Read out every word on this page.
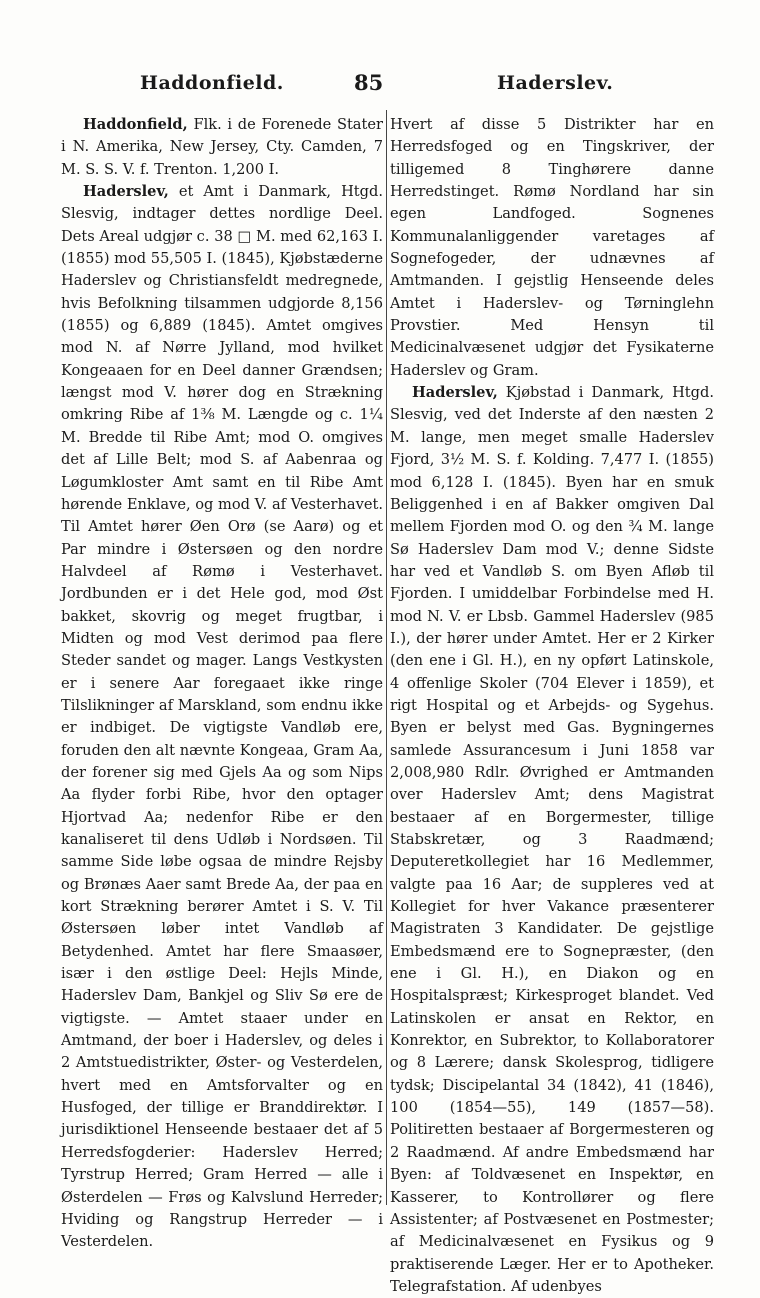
Haddonfield.	85	Haderslev.

Haddonfield, Flk. i de Forenede Stater i N. Amerika, New Jersey, Cty. Camden, 7 M. S. S. V. f. Trenton. 1,200 I.

Haderslev, et Amt i Danmark, Htgd. Slesvig, indtager dettes nordlige Deel. Dets Areal udgjør c. 38 □ M. med 62,163 I. (1855) mod 55,505 I. (1845), Kjøbstæderne Haderslev og Christiansfeldt medregnede, hvis Befolkning tilsammen udgjorde 8,156 (1855) og 6,889 (1845). Amtet omgives mod N. af Nørre Jylland, mod hvilket Kongeaaen for en Deel danner Grændsen; længst mod V. hører dog en Strækning omkring Ribe af 1⅜ M. Længde og c. 1¼ M. Bredde til Ribe Amt; mod O. omgives det af Lille Belt; mod S. af Aabenraa og Løgumkloster Amt samt en til Ribe Amt hørende Enklave, og mod V. af Vesterhavet. Til Amtet hører Øen Orø (se Aarø) og et Par mindre i Østersøen og den nordre Halvdeel af Rømø i Vesterhavet. Jordbunden er i det Hele god, mod Øst bakket, skovrig og meget frugtbar, i Midten og mod Vest derimod paa flere Steder sandet og mager. Langs Vestkysten er i senere Aar foregaaet ikke ringe Tilslikninger af Marskland, som endnu ikke er indbiget. De vigtigste Vandløb ere, foruden den alt nævnte Kongeaa, Gram Aa, der forener sig med Gjels Aa og som Nips Aa flyder forbi Ribe, hvor den optager Hjortvad Aa; nedenfor Ribe er den kanaliseret til dens Udløb i Nordsøen. Til samme Side løbe ogsaa de mindre Rejsby og Brønæs Aaer samt Brede Aa, der paa en kort Strækning berører Amtet i S. V. Til Østersøen løber intet Vandløb af Betydenhed. Amtet har flere Smaasøer, især i den østlige Deel: Hejls Minde, Haderslev Dam, Bankjel og Sliv Sø ere de vigtigste. — Amtet staaer under en Amtmand, der boer i Haderslev, og deles i 2 Amtstuedistrikter, Øster- og Vesterdelen, hvert med en Amtsforvalter og en Husfoged, der tillige er Branddirektør. I jurisdiktionel Henseende bestaaer det af 5 Herredsfogderier: Haderslev Herred; Tyrstrup Herred; Gram Herred — alle i Østerdelen — Frøs og Kalvslund Herreder; Hviding og Rangstrup Herreder — i Vesterdelen.

Hvert af disse 5 Distrikter har en Herredsfoged og en Tingskriver, der tilligemed 8 Tinghørere danne Herredstinget. Rømø Nordland har sin egen Landfoged. Sognenes Kommunalanliggender varetages af Sognefogeder, der udnævnes af Amtmanden. I gejstlig Henseende deles Amtet i Haderslev- og Tørninglehn Provstier. Med Hensyn til Medicinalvæsenet udgjør det Fysikaterne Haderslev og Gram.

Haderslev, Kjøbstad i Danmark, Htgd. Slesvig, ved det Inderste af den næsten 2 M. lange, men meget smalle Haderslev Fjord, 3½ M. S. f. Kolding. 7,477 I. (1855) mod 6,128 I. (1845). Byen har en smuk Beliggenhed i en af Bakker omgiven Dal mellem Fjorden mod O. og den ¾ M. lange Sø Haderslev Dam mod V.; denne Sidste har ved et Vandløb S. om Byen Afløb til Fjorden. I umiddelbar Forbindelse med H. mod N. V. er Lbsb. Gammel Haderslev (985 I.), der hører under Amtet. Her er 2 Kirker (den ene i Gl. H.), en ny opført Latinskole, 4 offenlige Skoler (704 Elever i 1859), et rigt Hospital og et Arbejds- og Sygehus. Byen er belyst med Gas. Bygningernes samlede Assurancesum i Juni 1858 var 2,008,980 Rdlr. Øvrighed er Amtmanden over Haderslev Amt; dens Magistrat bestaaer af en Borgermester, tillige Stabskretær, og 3 Raadmænd; Deputeretkollegiet har 16 Medlemmer, valgte paa 16 Aar; de suppleres ved at Kollegiet for hver Vakance præsenterer Magistraten 3 Kandidater. De gejstlige Embedsmænd ere to Sognepræster, (den ene i Gl. H.), en Diakon og en Hospitalspræst; Kirkesproget blandet. Ved Latinskolen er ansat en Rektor, en Konrektor, en Subrektor, to Kollaboratorer og 8 Lærere; dansk Skolesprog, tidligere tydsk; Discipelantal 34 (1842), 41 (1846), 100 (1854—55), 149 (1857—58). Politiretten bestaaer af Borgermesteren og 2 Raadmænd. Af andre Embedsmænd har Byen: af Toldvæsenet en Inspektør, en Kasserer, to Kontrollører og flere Assistenter; af Postvæsenet en Postmester; af Medicinalvæsenet en Fysikus og 9 praktiserende Læger. Her er to Apotheker. Telegrafstation. Af udenbyes
